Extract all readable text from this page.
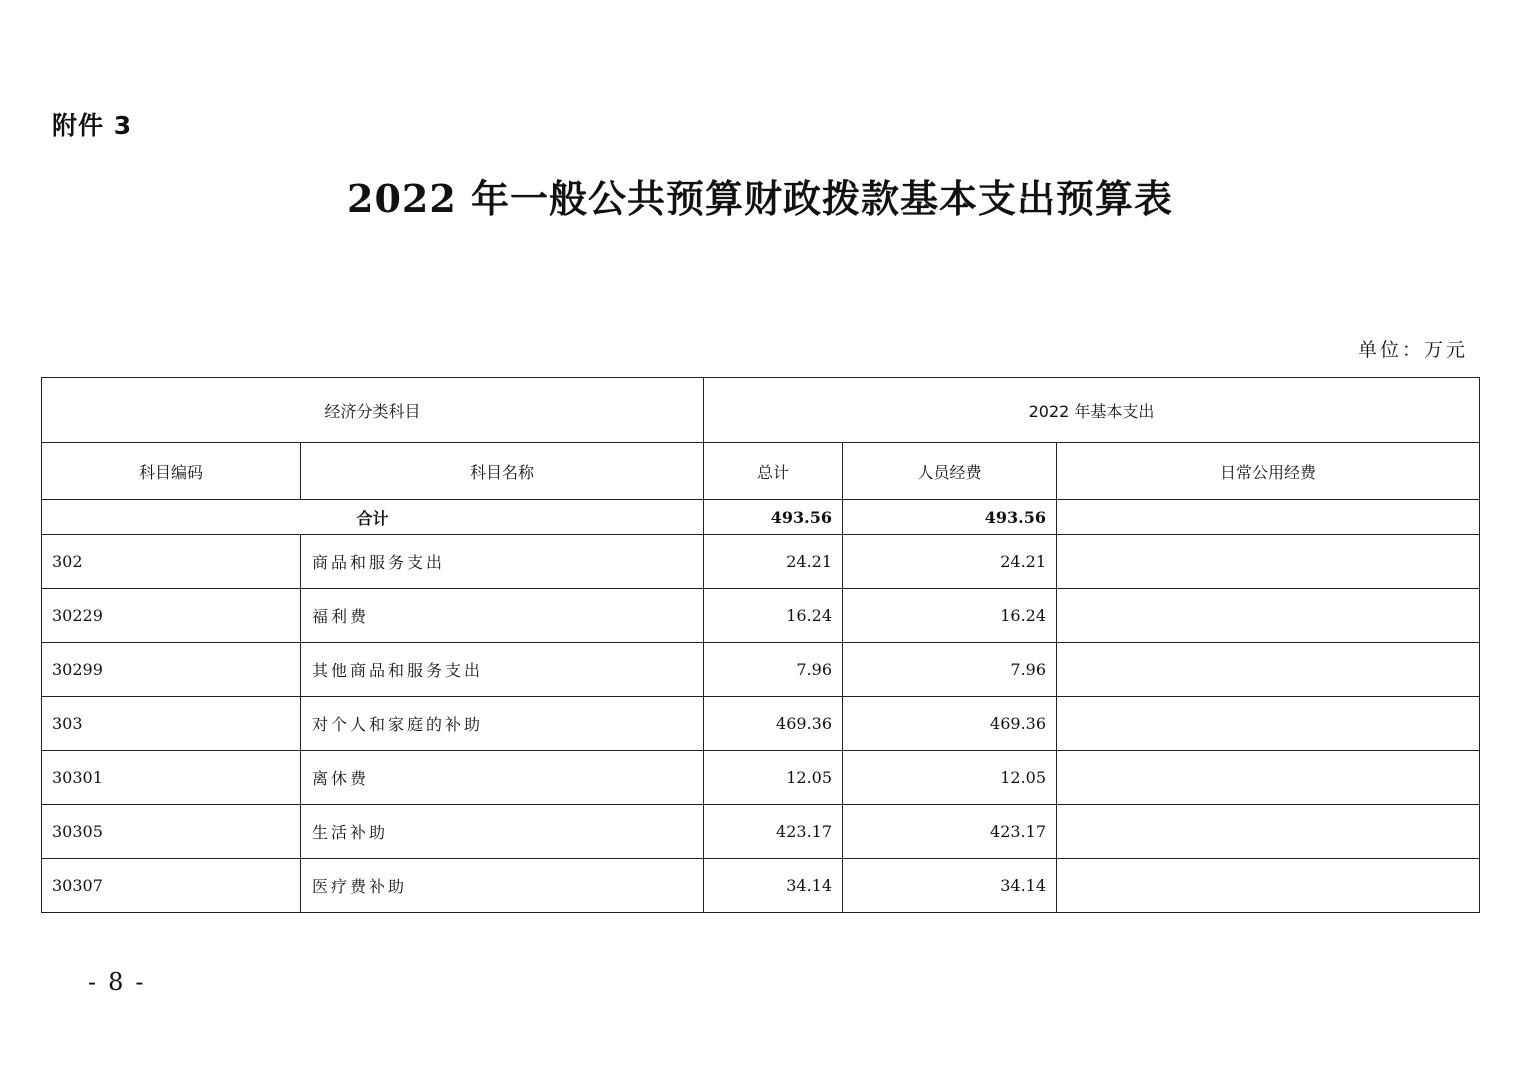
附件 3
2022 年一般公共预算财政拨款基本支出预算表
单位：万元
经济分类科目		2022 年基本支出		
科目编码	科目名称	总计	人员经费	日常公用经费
合计		493.56	493.56	
302	商品和服务支出	24.21	24.21	
30229	福利费	16.24	16.24	
30299	其他商品和服务支出	7.96	7.96	
303	对个人和家庭的补助	469.36	469.36	
30301	离休费	12.05	12.05	
30305	生活补助	423.17	423.17	
30307	医疗费补助	34.14	34.14	
-8-
